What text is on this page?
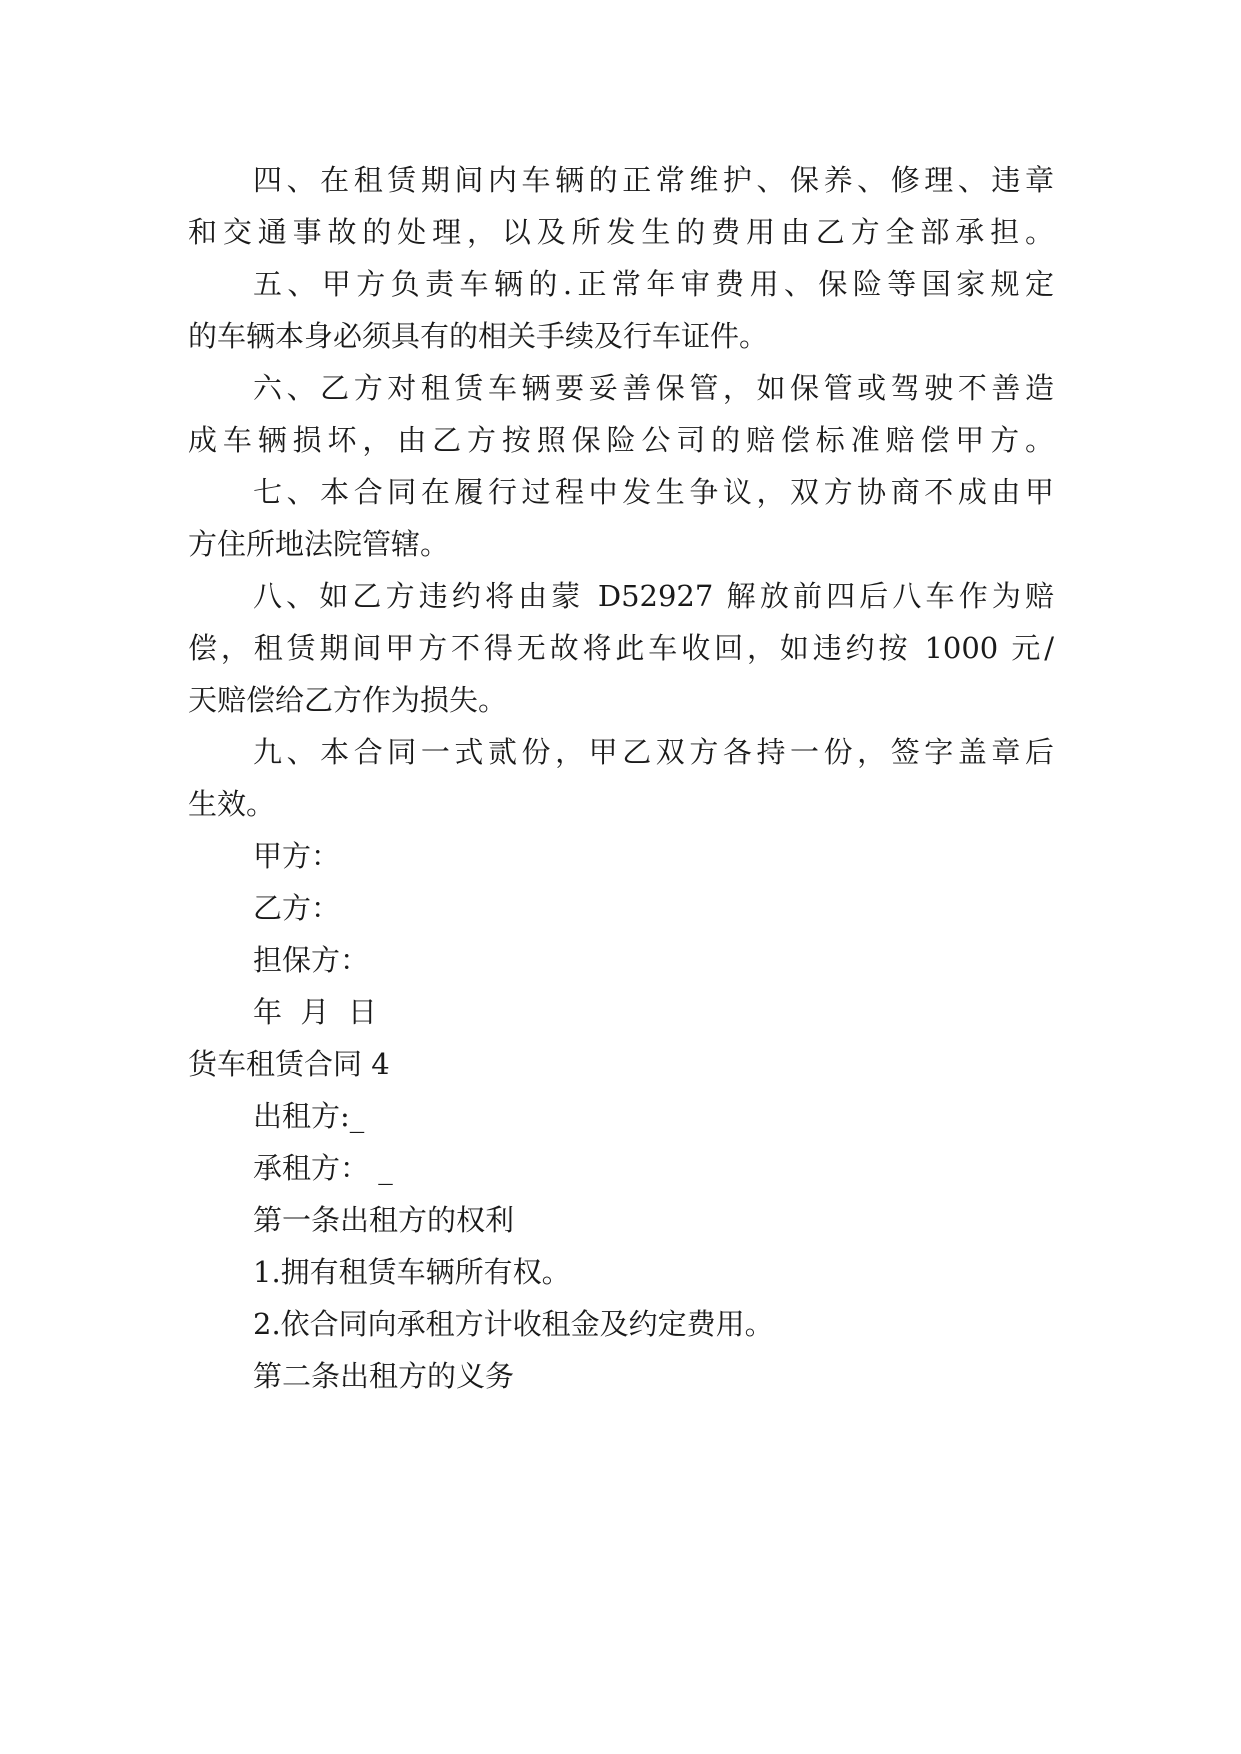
四、在租赁期间内车辆的正常维护、保养、修理、违章
和交通事故的处理，以及所发生的费用由乙方全部承担。
五、甲方负责车辆的.正常年审费用、保险等国家规定
的车辆本身必须具有的相关手续及行车证件。
六、乙方对租赁车辆要妥善保管，如保管或驾驶不善造
成车辆损坏，由乙方按照保险公司的赔偿标准赔偿甲方。
七、本合同在履行过程中发生争议，双方协商不成由甲
方住所地法院管辖。
八、如乙方违约将由蒙 D52927 解放前四后八车作为赔
偿，租赁期间甲方不得无故将此车收回，如违约按 1000 元/
天赔偿给乙方作为损失。
九、本合同一式贰份，甲乙双方各持一份，签字盖章后
生效。
甲方：
乙方：
担保方：
年  月  日
货车租赁合同 4
出租方:_
承租方： _
第一条出租方的权利
1.拥有租赁车辆所有权。
2.依合同向承租方计收租金及约定费用。
第二条出租方的义务
